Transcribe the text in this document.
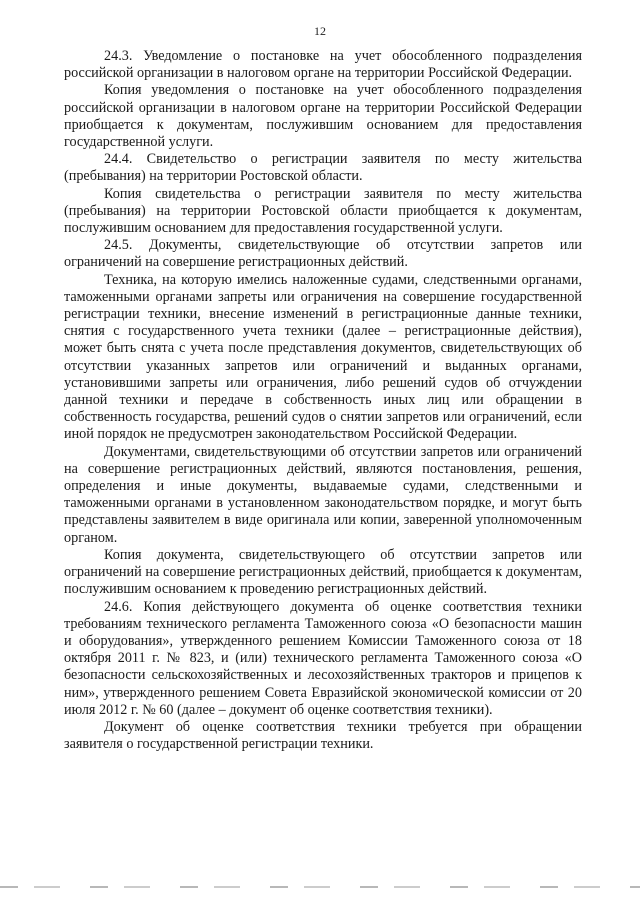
12

24.3. Уведомление о постановке на учет обособленного подразделения российской организации в налоговом органе на территории Российской Федерации.

Копия уведомления о постановке на учет обособленного подразделения российской организации в налоговом органе на территории Российской Федерации приобщается к документам, послужившим основанием для предоставления государственной услуги.

24.4. Свидетельство о регистрации заявителя по месту жительства (пребывания) на территории Ростовской области.

Копия свидетельства о регистрации заявителя по месту жительства (пребывания) на территории Ростовской области приобщается к документам, послужившим основанием для предоставления государственной услуги.

24.5. Документы, свидетельствующие об отсутствии запретов или ограничений на совершение регистрационных действий.

Техника, на которую имелись наложенные судами, следственными органами, таможенными органами запреты или ограничения на совершение государственной регистрации техники, внесение изменений в регистрационные данные техники, снятия с государственного учета техники (далее – регистрационные действия), может быть снята с учета после представления документов, свидетельствующих об отсутствии указанных запретов или ограничений и выданных органами, установившими запреты или ограничения, либо решений судов об отчуждении данной техники и передаче в собственность иных лиц или обращении в собственность государства, решений судов о снятии запретов или ограничений, если иной порядок не предусмотрен законодательством Российской Федерации.

Документами, свидетельствующими об отсутствии запретов или ограничений на совершение регистрационных действий, являются постановления, решения, определения и иные документы, выдаваемые судами, следственными и таможенными органами в установленном законодательством порядке, и могут быть представлены заявителем в виде оригинала или копии, заверенной уполномоченным органом.

Копия документа, свидетельствующего об отсутствии запретов или ограничений на совершение регистрационных действий, приобщается к документам, послужившим основанием к проведению регистрационных действий.

24.6. Копия действующего документа об оценке соответствия техники требованиям технического регламента Таможенного союза «О безопасности машин и оборудования», утвержденного решением Комиссии Таможенного союза от 18 октября 2011 г. № 823, и (или) технического регламента Таможенного союза «О безопасности сельскохозяйственных и лесохозяйственных тракторов и прицепов к ним», утвержденного решением Совета Евразийской экономической комиссии от 20 июля 2012 г. № 60 (далее – документ об оценке соответствия техники).

Документ об оценке соответствия техники требуется при обращении заявителя о государственной регистрации техники.
